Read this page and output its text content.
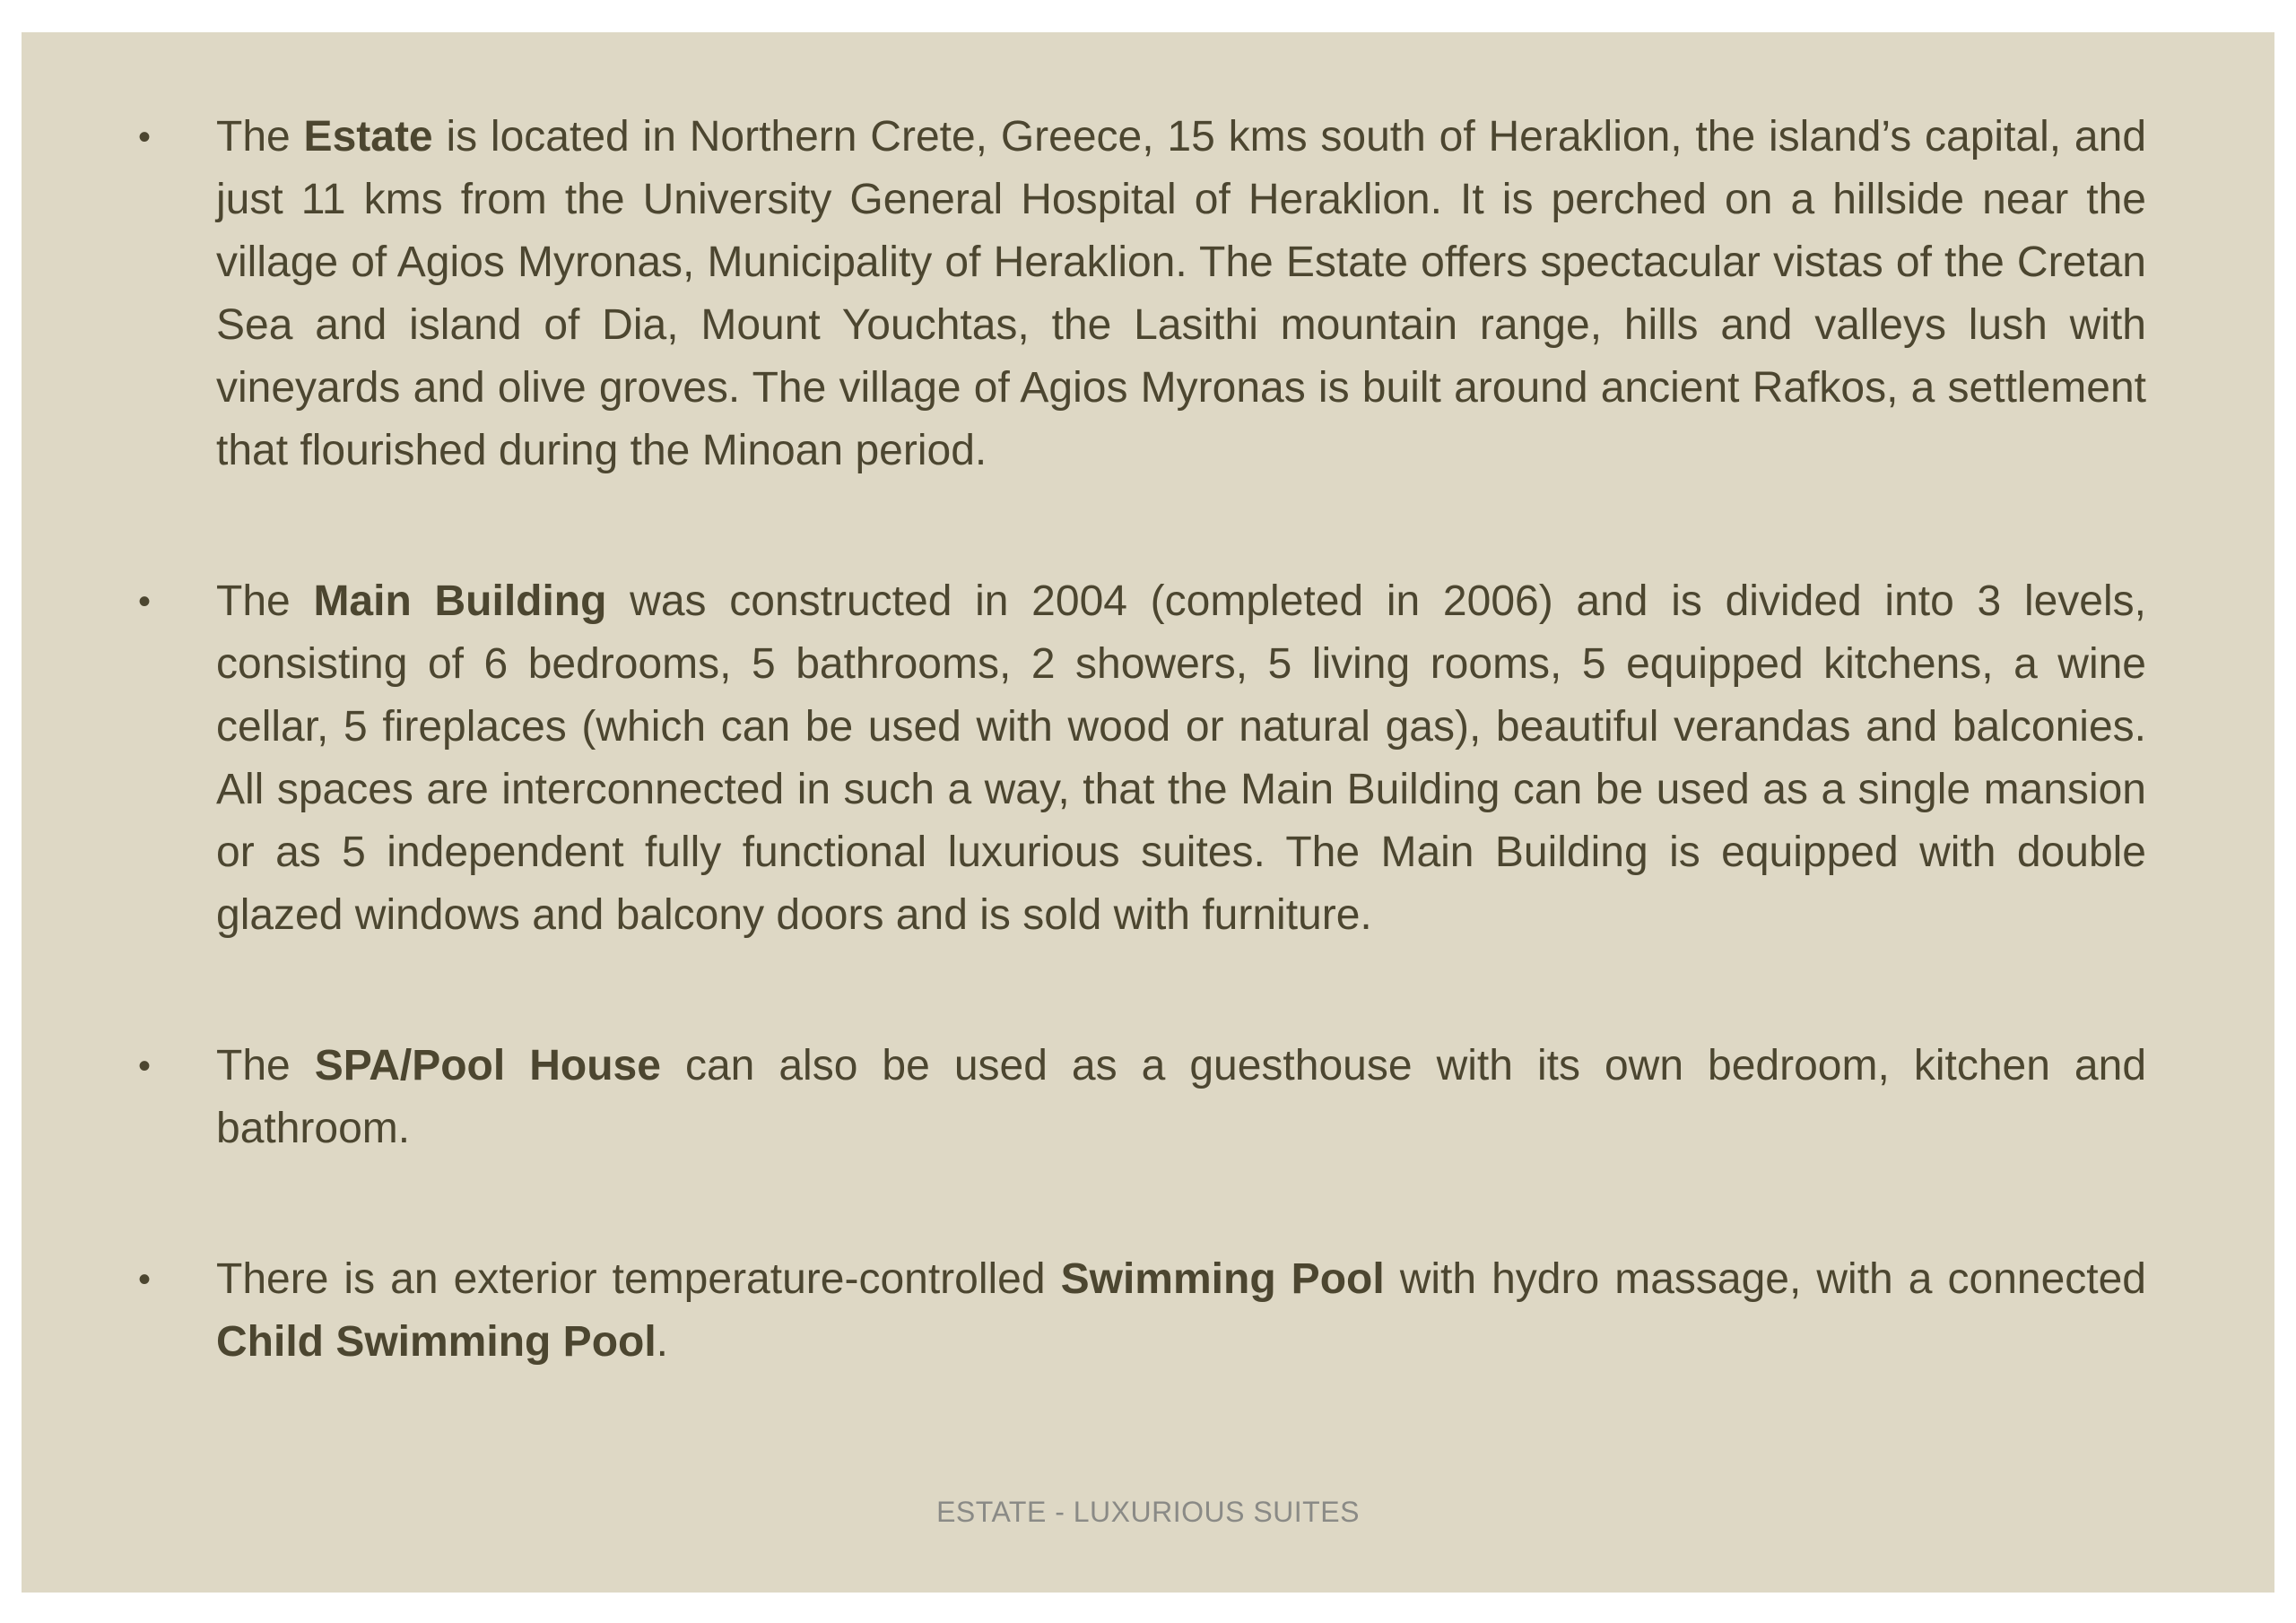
• The Estate is located in Northern Crete, Greece, 15 kms south of Heraklion, the island’s capital, and just 11 kms from the University General Hospital of Heraklion. It is perched on a hillside near the village of Agios Myronas, Municipality of Heraklion. The Estate offers spectacular vistas of the Cretan Sea and island of Dia, Mount Youchtas, the Lasithi mountain range, hills and valleys lush with vineyards and olive groves. The village of Agios Myronas is built around ancient Rafkos, a settlement that flourished during the Minoan period.
• The Main Building was constructed in 2004 (completed in 2006) and is divided into 3 levels, consisting of 6 bedrooms, 5 bathrooms, 2 showers, 5 living rooms, 5 equipped kitchens, a wine cellar, 5 fireplaces (which can be used with wood or natural gas), beautiful verandas and balconies. All spaces are interconnected in such a way, that the Main Building can be used as a single mansion or as 5 independent fully functional luxurious suites. The Main Building is equipped with double glazed windows and balcony doors and is sold with furniture.
• The SPA/Pool House can also be used as a guesthouse with its own bedroom, kitchen and bathroom.
• There is an exterior temperature-controlled Swimming Pool with hydro massage, with a connected Child Swimming Pool.
ESTATE - LUXURIOUS SUITES
